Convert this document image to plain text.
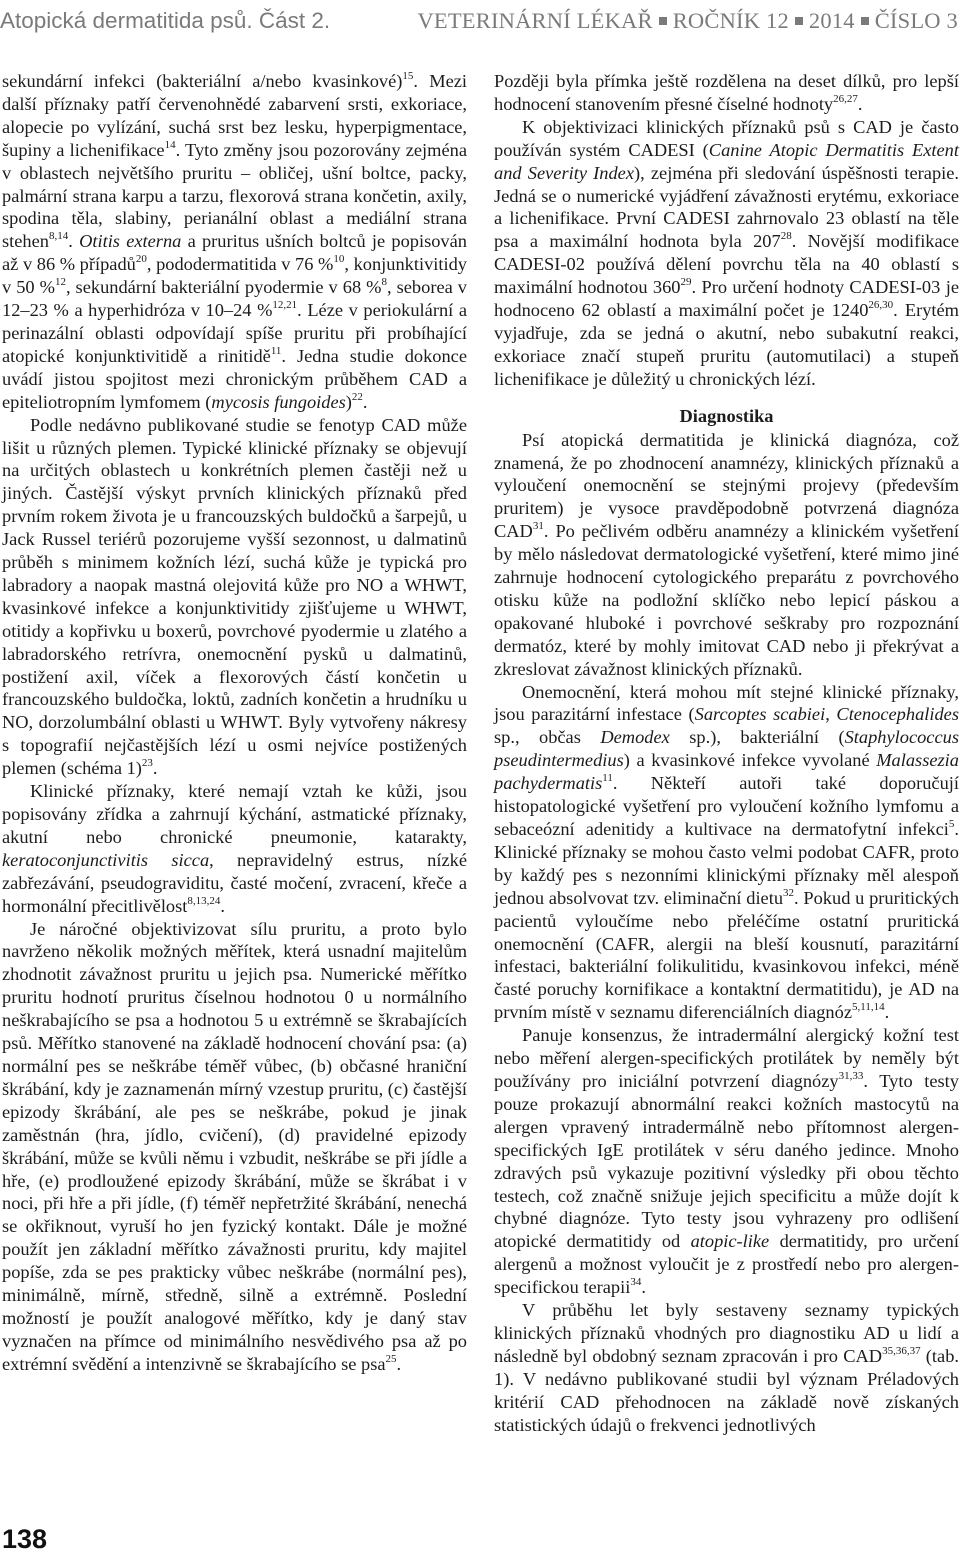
Atopická dermatitida psů. Část 2.	VETERINÁRNÍ LÉKAŘ ROČNÍK 12 2014 ČÍSLO 3

sekundární infekci (bakteriální a/nebo kvasinkové)$^{15}$. Mezi další příznaky patří červenohnědé zabarvení srsti, exkoriace, alopecie po vylízání, suchá srst bez lesku, hyperpigmentace, šupiny a lichenifikace$^{14}$. Tyto změny jsou pozorovány zejména v oblastech největšího pruritu – obličej, ušní boltce, packy, palmární strana karpu a tarzu, flexorová strana končetin, axily, spodina těla, slabiny, perianální oblast a mediální strana stehen$^{8,14}$. Otitis externa a pruritus ušních boltců je popisován až v 86 % případů$^{20}$, pododermatitida v 76 %$^{10}$, konjunktivitidy v 50 %$^{12}$, sekundární bakteriální pyodermie v 68 %$^8$, seborea v 12–23 % a hyperhidróza v 10–24 %$^{12,21}$. Léze v periokulární a perinazální oblasti odpovídají spíše pruritu při probíhající atopické konjunktivitidě a rinitidě$^{11}$. Jedna studie dokonce uvádí jistou spojitost mezi chronickým průběhem CAD a epiteliotropním lymfomem (mycosis fungoides)$^{22}$.

Podle nedávno publikované studie se fenotyp CAD může lišit u různých plemen. Typické klinické příznaky se objevují na určitých oblastech u konkrétních plemen častěji než u jiných. Častější výskyt prvních klinických příznaků před prvním rokem života je u francouzských buldočků a šarpejů, u Jack Russel teriérů pozorujeme vyšší sezonnost, u dalmatinů průběh s minimem kožních lézí, suchá kůže je typická pro labradory a naopak mastná olejovitá kůže pro NO a WHWT, kvasinkové infekce a konjunktivitidy zjišťujeme u WHWT, otitidy a kopřivku u boxerů, povrchové pyodermie u zlatého a labradorského retrívra, onemocnění pysků u dalmatinů, postižení axil, víček a flexorových částí končetin u francouzského buldočka, loktů, zadních končetin a hrudníku u NO, dorzolumbální oblasti u WHWT. Byly vytvořeny nákresy s topografií nejčastějších lézí u osmi nejvíce postižených plemen (schéma 1)$^{23}$.

Klinické příznaky, které nemají vztah ke kůži, jsou popisovány zřídka a zahrnují kýchání, astmatické příznaky, akutní nebo chronické pneumonie, katarakty, keratoconjunctivitis sicca, nepravidelný estrus, nízké zabřezávání, pseudograviditu, časté močení, zvracení, křeče a hormonální přecitlivělost$^{8,13,24}$.

Je náročné objektivizovat sílu pruritu, a proto bylo navrženo několik možných měřítek, která usnadní majitelům zhodnotit závažnost pruritu u jejich psa. Numerické měřítko pruritu hodnotí pruritus číselnou hodnotou 0 u normálního neškrabajícího se psa a hodnotou 5 u extrémně se škrabajících psů. Měřítko stanovené na základě hodnocení chování psa: (a) normální pes se neškrábe téměř vůbec, (b) občasné hraniční škrábání, kdy je zaznamenán mírný vzestup pruritu, (c) častější epizody škrábání, ale pes se neškrábe, pokud je jinak zaměstnán (hra, jídlo, cvičení), (d) pravidelné epizody škrábání, může se kvůli němu i vzbudit, neškrábe se při jídle a hře, (e) prodloužené epizody škrábání, může se škrábat i v noci, při hře a při jídle, (f) téměř nepřetržité škrábání, nenechá se okřiknout, vyruší ho jen fyzický kontakt. Dále je možné použít jen základní měřítko závažnosti pruritu, kdy majitel popíše, zda se pes prakticky vůbec neškrábe (normální pes), minimálně, mírně, středně, silně a extrémně. Poslední možností je použít analogové měřítko, kdy je daný stav vyznačen na přímce od minimálního nesvědivého psa až po extrémní svědění a intenzivně se škrabajícího se psa$^{25}$.

Později byla přímka ještě rozdělena na deset dílků, pro lepší hodnocení stanovením přesné číselné hodnoty$^{26,27}$.

K objektivizaci klinických příznaků psů s CAD je často používán systém CADESI (Canine Atopic Dermatitis Extent and Severity Index), zejména při sledování úspěšnosti terapie. Jedná se o numerické vyjádření závažnosti erytému, exkoriace a lichenifikace. První CADESI zahrnovalo 23 oblastí na těle psa a maximální hodnota byla $207^{28}$. Novější modifikace CADESI-02 používá dělení povrchu těla na 40 oblastí s maximální hodnotou $360^{29}$. Pro určení hodnoty CADESI-03 je hodnoceno 62 oblastí a maximální počet je 1240$^{26,30}$. Erytém vyjadřuje, zda se jedná o akutní, nebo subakutní reakci, exkoriace značí stupeň pruritu (automutilaci) a stupeň lichenifikace je důležitý u chronických lézí.

Diagnostika

Psí atopická dermatitida je klinická diagnóza, což znamená, že po zhodnocení anamnézy, klinických příznaků a vyloučení onemocnění se stejnými projevy (především pruritem) je vysoce pravděpodobně potvrzená diagnóza CAD$^{31}$. Po pečlivém odběru anamnézy a klinickém vyšetření by mělo následovat dermatologické vyšetření, které mimo jiné zahrnuje hodnocení cytologického preparátu z povrchového otisku kůže na podložní sklíčko nebo lepicí páskou a opakované hluboké i povrchové seškraby pro rozpoznání dermatóz, které by mohly imitovat CAD nebo ji překrývat a zkreslovat závažnost klinických příznaků.

Onemocnění, která mohou mít stejné klinické příznaky, jsou parazitární infestace (Sarcoptes scabiei, Ctenocephalides sp., občas Demodex sp.), bakteriální (Staphylococcus pseudintermedius) a kvasinkové infekce vyvolané Malassezia pachydermatis$^{11}$. Někteří autoři také doporučují histopatologické vyšetření pro vyloučení kožního lymfomu a sebaceózní adenitidy a kultivace na dermatofytní infekci$^5$. Klinické příznaky se mohou často velmi podobat CAFR, proto by každý pes s nezonními klinickými příznaky měl alespoň jednou absolvovat tzv. eliminační dietu$^{32}$. Pokud u pruritických pacientů vyloučíme nebo přeléčíme ostatní pruritická onemocnění (CAFR, alergii na bleší kousnutí, parazitární infestaci, bakteriální folikulitidu, kvasinkovou infekci, méně časté poruchy kornifikace a kontaktní dermatitidu), je AD na prvním místě v seznamu diferenciálních diagnóz$^{5,11,14}$.

Panuje konsenzus, že intradermální alergický kožní test nebo měření alergen-specifických protilátek by neměly být používány pro iniciální potvrzení diagnózy$^{31,33}$. Tyto testy pouze prokazují abnormální reakci kožních mastocytů na alergen vpravený intradermálně nebo přítomnost alergen-specifických IgE protilátek v séru daného jedince. Mnoho zdravých psů vykazuje pozitivní výsledky při obou těchto testech, což značně snižuje jejich specificitu a může dojít k chybné diagnóze. Tyto testy jsou vyhrazeny pro odlišení atopické dermatitidy od atopic-like dermatitidy, pro určení alergenů a možnost vyloučit je z prostředí nebo pro alergen-specifickou terapii$^{34}$.

V průběhu let byly sestaveny seznamy typických klinických příznaků vhodných pro diagnostiku AD u lidí a následně byl obdobný seznam zpracován i pro CAD$^{35,36,37}$ (tab. 1). V nedávno publikované studii byl význam Préladových kritérií CAD přehodnocen na základě nově získaných statistických údajů o frekvenci jednotlivých

138
